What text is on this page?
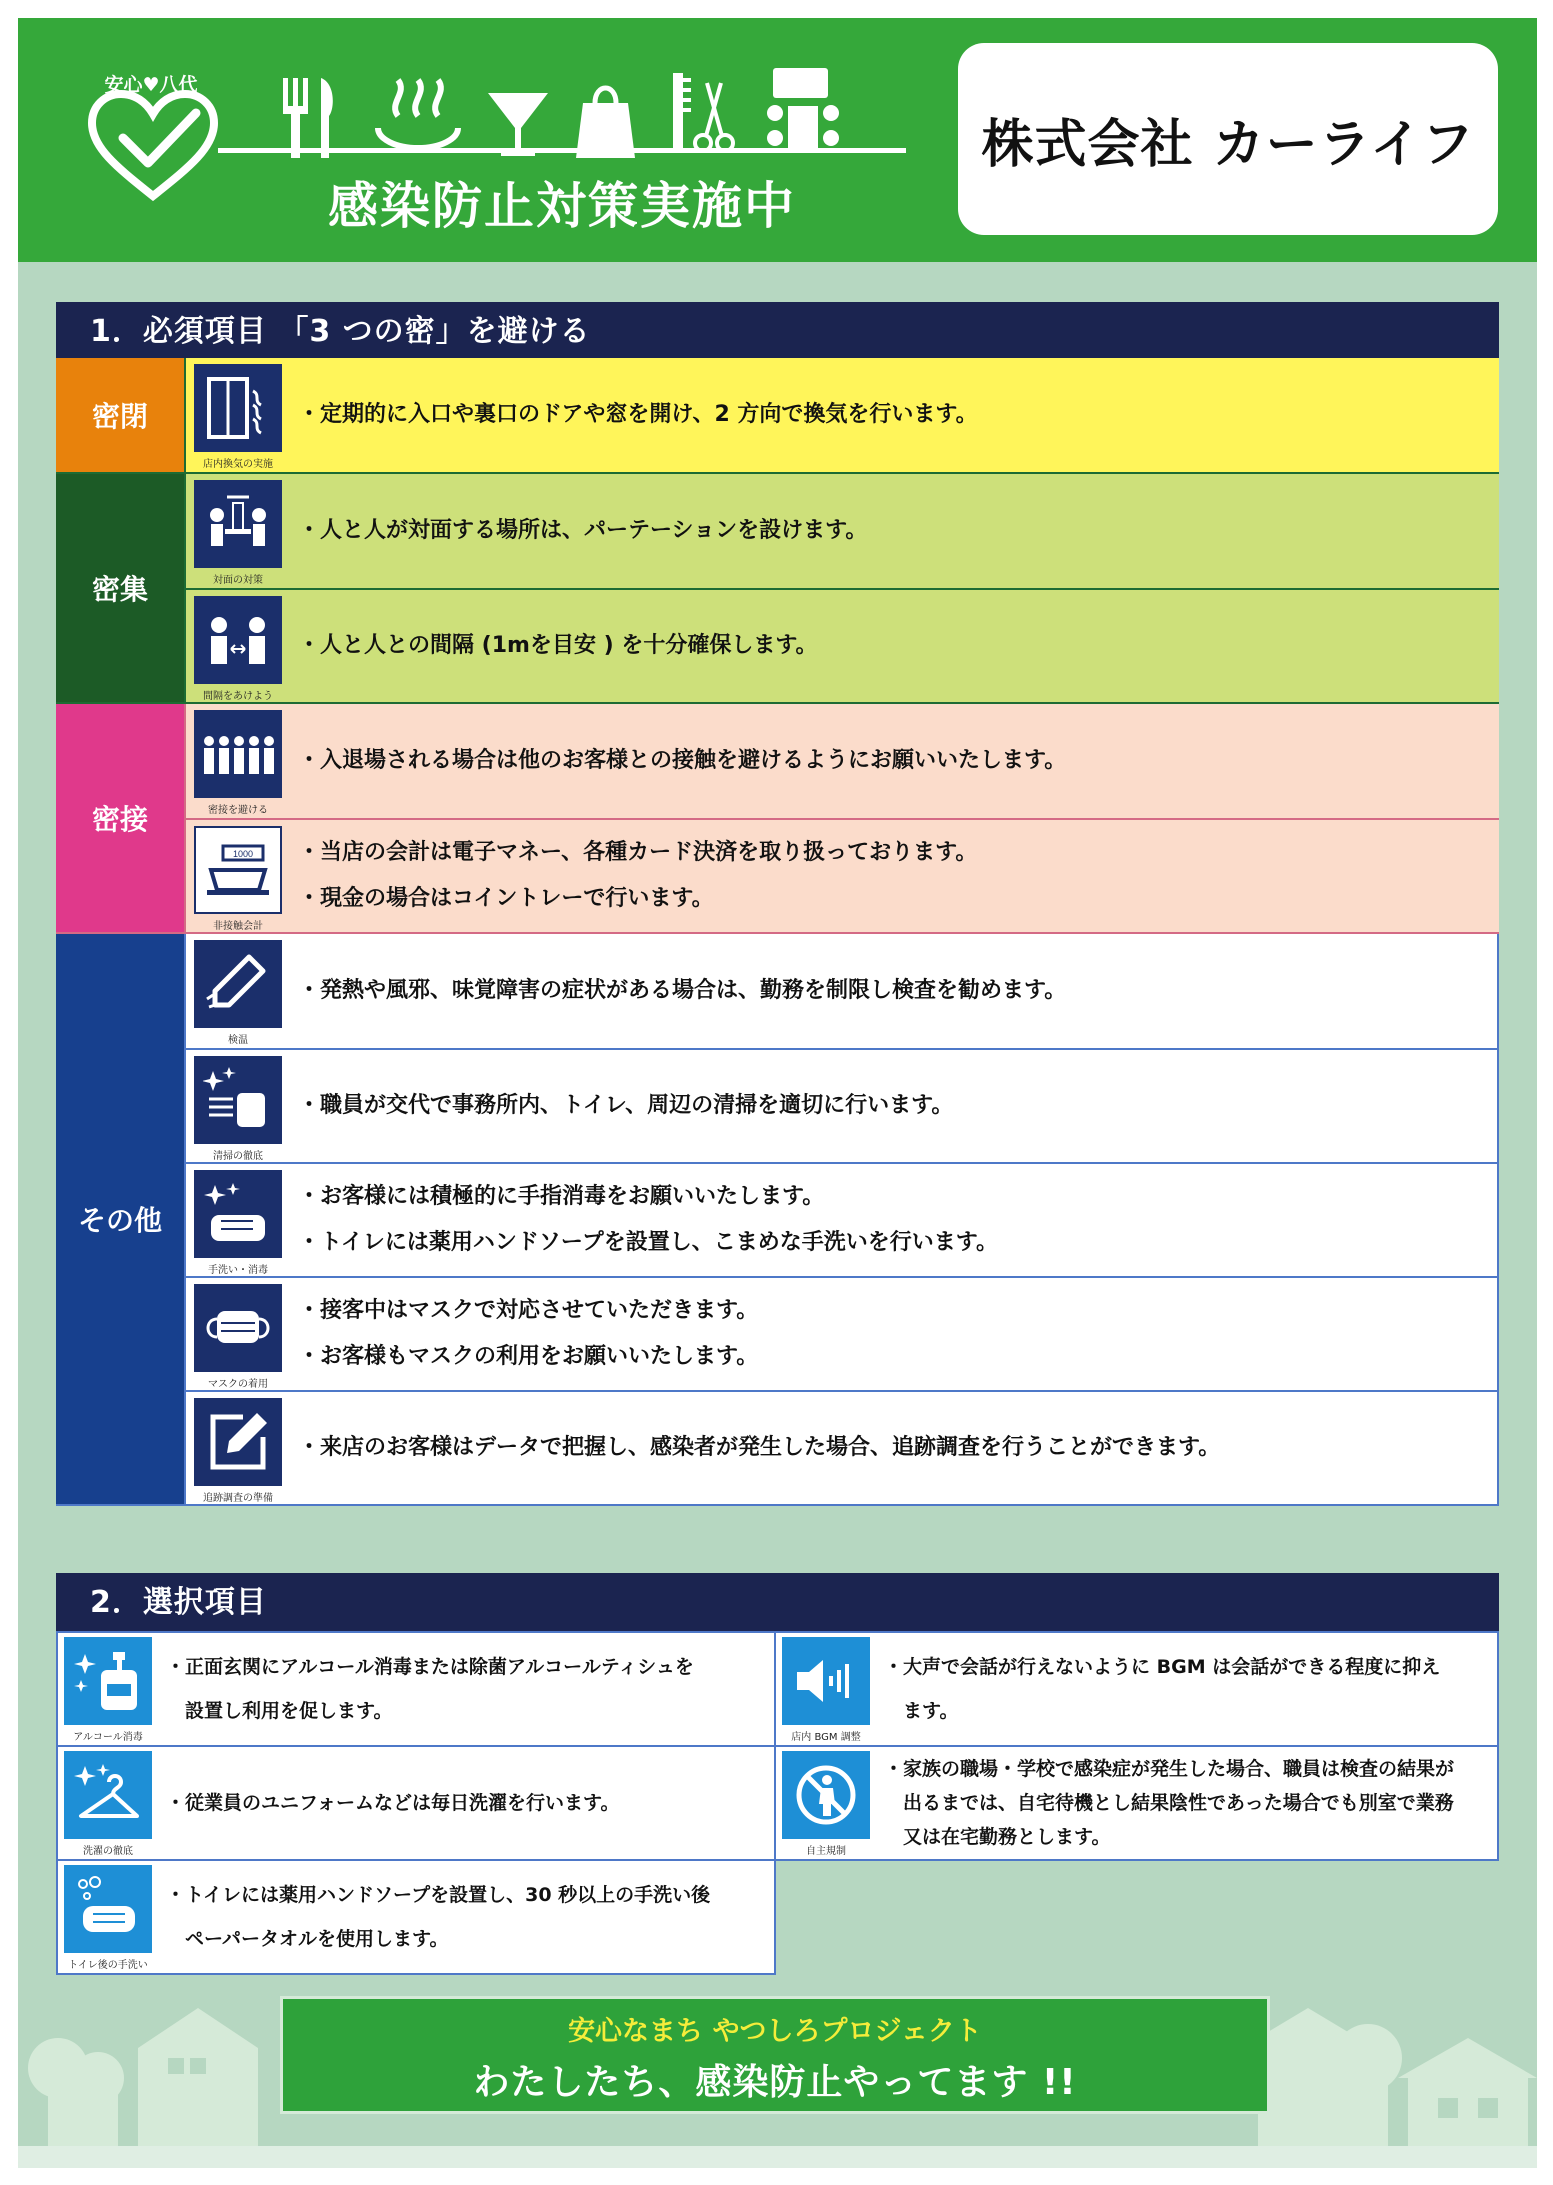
安心♥八代
感染防止対策実施中
株式会社 カーライフ
1．必須項目 「3 つの密」を避ける
密閉
店内換気の実施

・定期的に入口や裏口のドアや窓を開け、2 方向で換気を行います。

密集	対面の対策

・人と人が対面する場所は、パーテーションを設けます。

間隔をあけよう

・人と人との間隔 (1mを目安 ) を十分確保します。

密接	密接を避ける

・入退場される場合は他のお客様との接触を避けるようにお願いいたします。

1000
非接触会計

・当店の会計は電子マネー、各種カード決済を取り扱っております。

・現金の場合はコイントレーで行います。

その他
検温

・発熱や風邪、味覚障害の症状がある場合は、勤務を制限し検査を勧めます。

清掃の徹底

・職員が交代で事務所内、トイレ、周辺の清掃を適切に行います。

手洗い・消毒

・お客様には積極的に手指消毒をお願いいたします。

・トイレには薬用ハンドソープを設置し、こまめな手洗いを行います。

マスクの着用

・接客中はマスクで対応させていただきます。

・お客様もマスクの利用をお願いいたします。

追跡調査の準備

・来店のお客様はデータで把握し、感染者が発生した場合、追跡調査を行うことができます。

2．選択項目
アルコール消毒

・正面玄関にアルコール消毒または除菌アルコールティシュを

　設置し利用を促します。

店内 BGM 調整

・大声で会話が行えないように BGM は会話ができる程度に抑え

　ます。

洗濯の徹底

・従業員のユニフォームなどは毎日洗濯を行います。

自主規制

・家族の職場・学校で感染症が発生した場合、職員は検査の結果が

　出るまでは、自宅待機とし結果陰性であった場合でも別室で業務

　又は在宅勤務とします。

トイレ後の手洗い

・トイレには薬用ハンドソープを設置し、30 秒以上の手洗い後

　ペーパータオルを使用します。

安心なまち やつしろプロジェクト
わたしたち、感染防止やってます !!
